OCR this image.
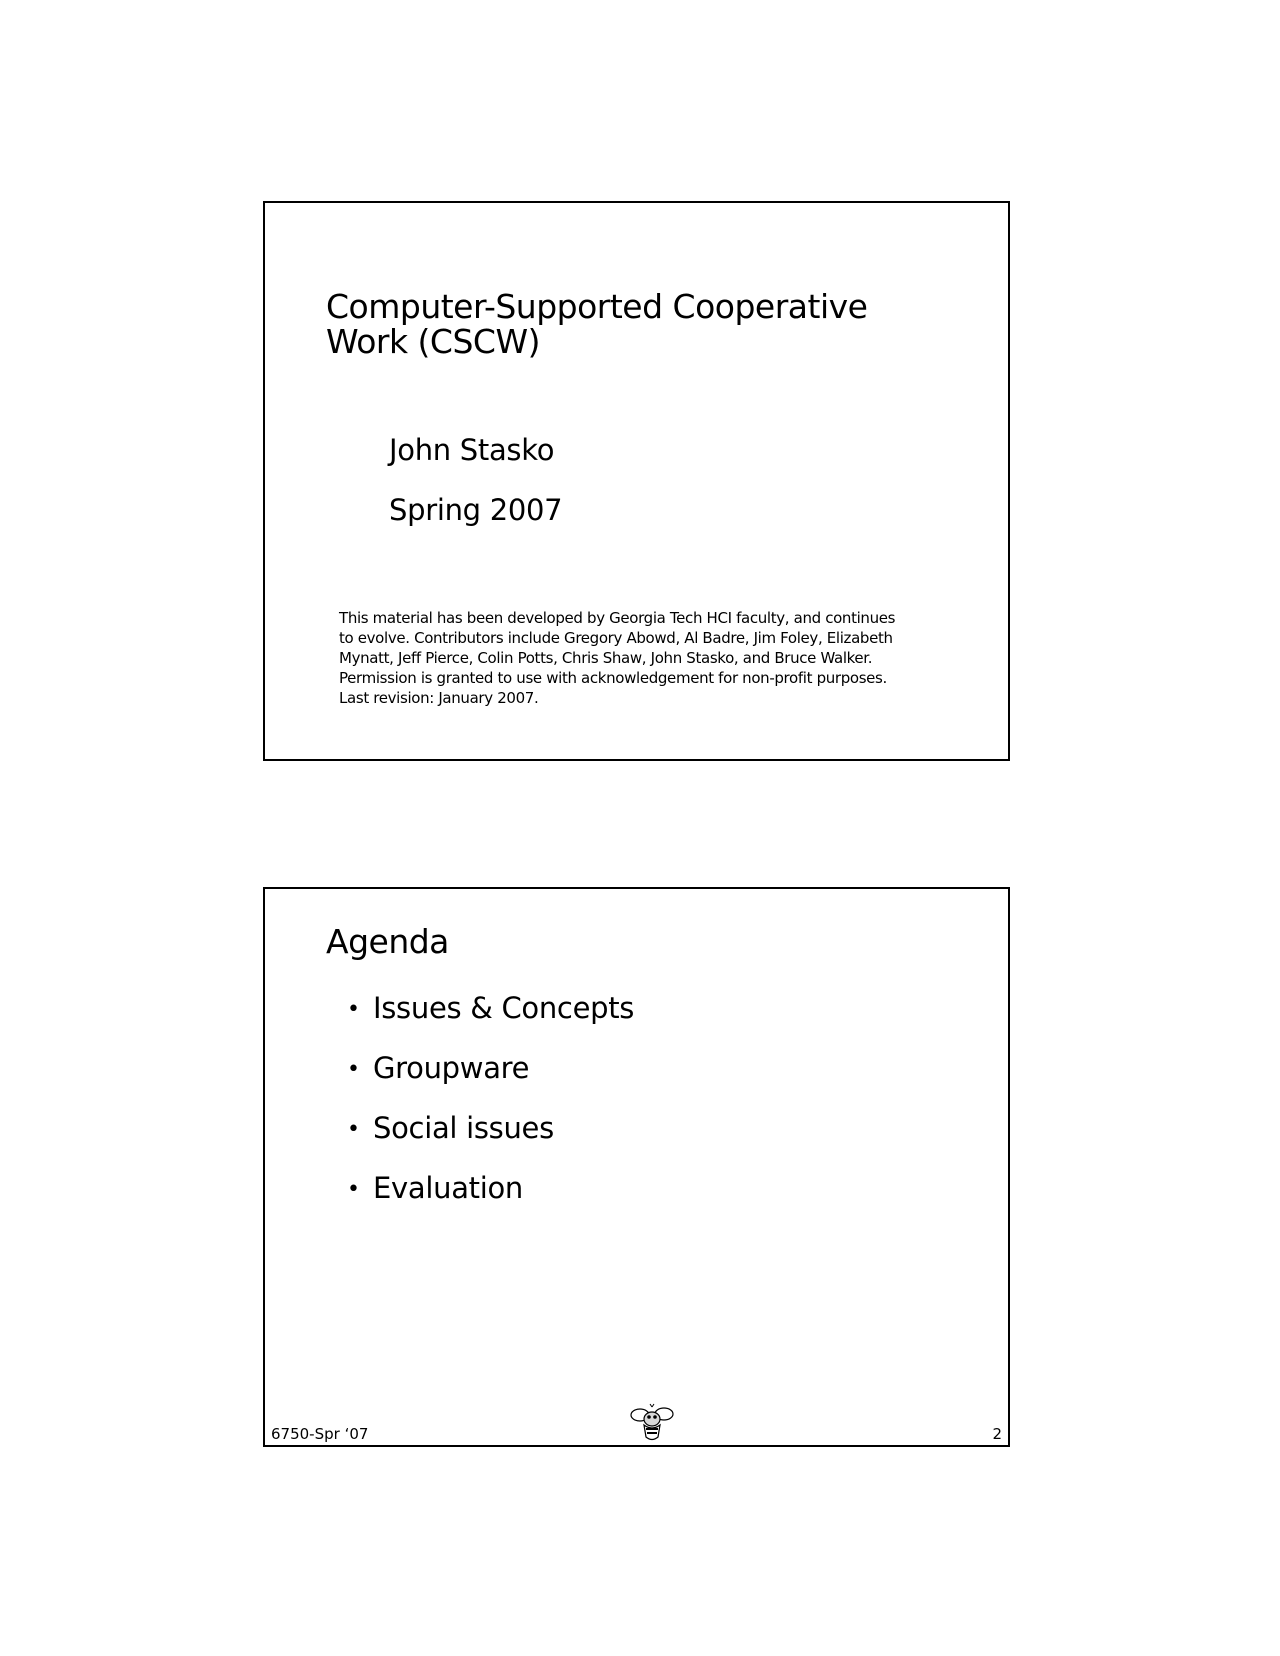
Computer-Supported Cooperative
Work (CSCW)
John Stasko
Spring 2007
This material has been developed by Georgia Tech HCI faculty, and continues
to evolve. Contributors include Gregory Abowd, Al Badre, Jim Foley, Elizabeth
Mynatt, Jeff Pierce, Colin Potts, Chris Shaw, John Stasko, and Bruce Walker.
Permission is granted to use with acknowledgement for non-profit purposes.
Last revision: January 2007.
Agenda
• Issues & Concepts
• Groupware
• Social issues
• Evaluation
6750-Spr ‘07	2
